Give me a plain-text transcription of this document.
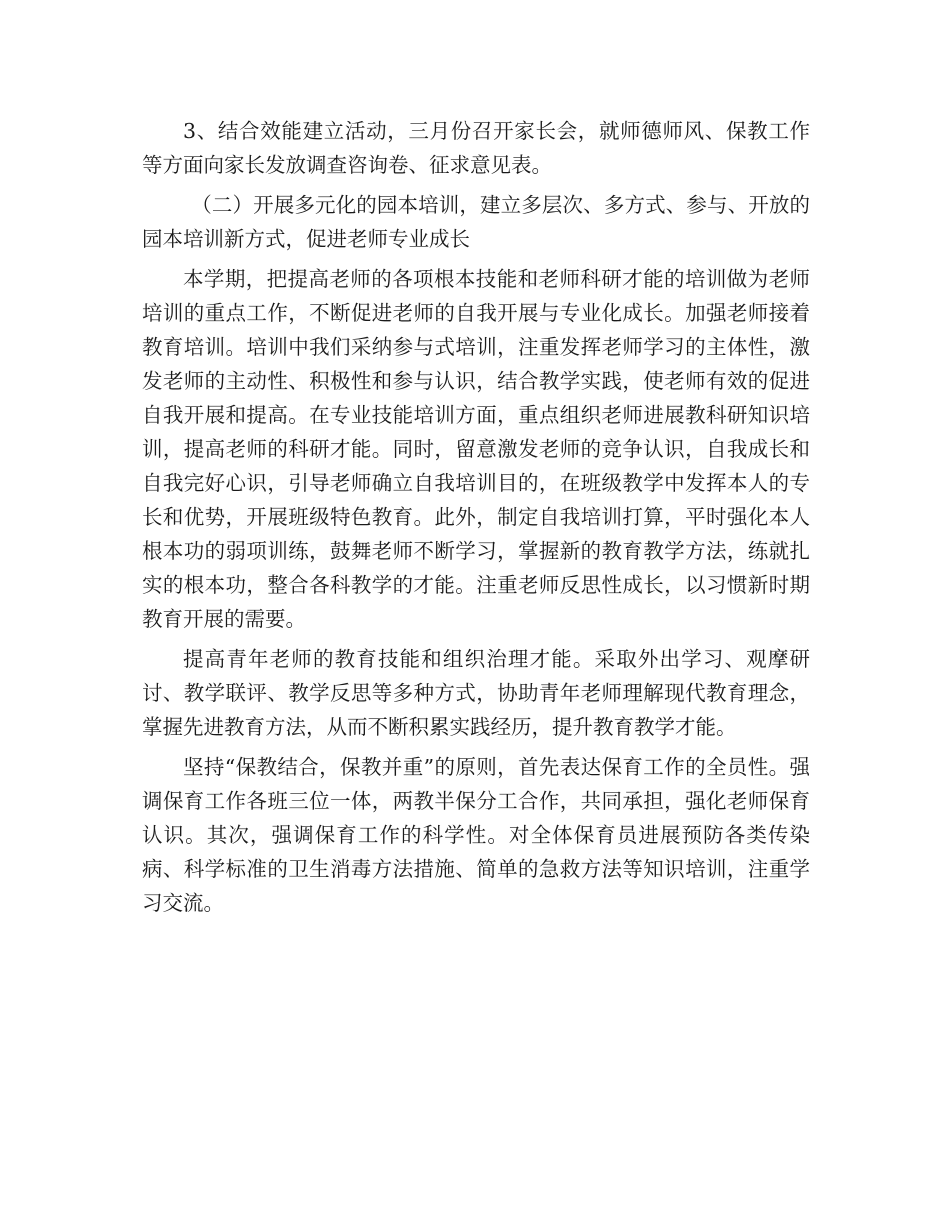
3、结合效能建立活动，三月份召开家长会，就师德师风、保教工作等方面向家长发放调查咨询卷、征求意见表。

（二）开展多元化的园本培训，建立多层次、多方式、参与、开放的园本培训新方式，促进老师专业成长

本学期，把提高老师的各项根本技能和老师科研才能的培训做为老师培训的重点工作，不断促进老师的自我开展与专业化成长。加强老师接着教育培训。培训中我们采纳参与式培训，注重发挥老师学习的主体性，激发老师的主动性、积极性和参与认识，结合教学实践，使老师有效的促进自我开展和提高。在专业技能培训方面，重点组织老师进展教科研知识培训，提高老师的科研才能。同时，留意激发老师的竞争认识，自我成长和自我完好心识，引导老师确立自我培训目的，在班级教学中发挥本人的专长和优势，开展班级特色教育。此外，制定自我培训打算，平时强化本人根本功的弱项训练，鼓舞老师不断学习，掌握新的教育教学方法，练就扎实的根本功，整合各科教学的才能。注重老师反思性成长，以习惯新时期教育开展的需要。

提高青年老师的教育技能和组织治理才能。采取外出学习、观摩研讨、教学联评、教学反思等多种方式，协助青年老师理解现代教育理念，掌握先进教育方法，从而不断积累实践经历，提升教育教学才能。

坚持“保教结合，保教并重”的原则，首先表达保育工作的全员性。强调保育工作各班三位一体，两教半保分工合作，共同承担，强化老师保育认识。其次，强调保育工作的科学性。对全体保育员进展预防各类传染病、科学标准的卫生消毒方法措施、简单的急救方法等知识培训，注重学习交流。
